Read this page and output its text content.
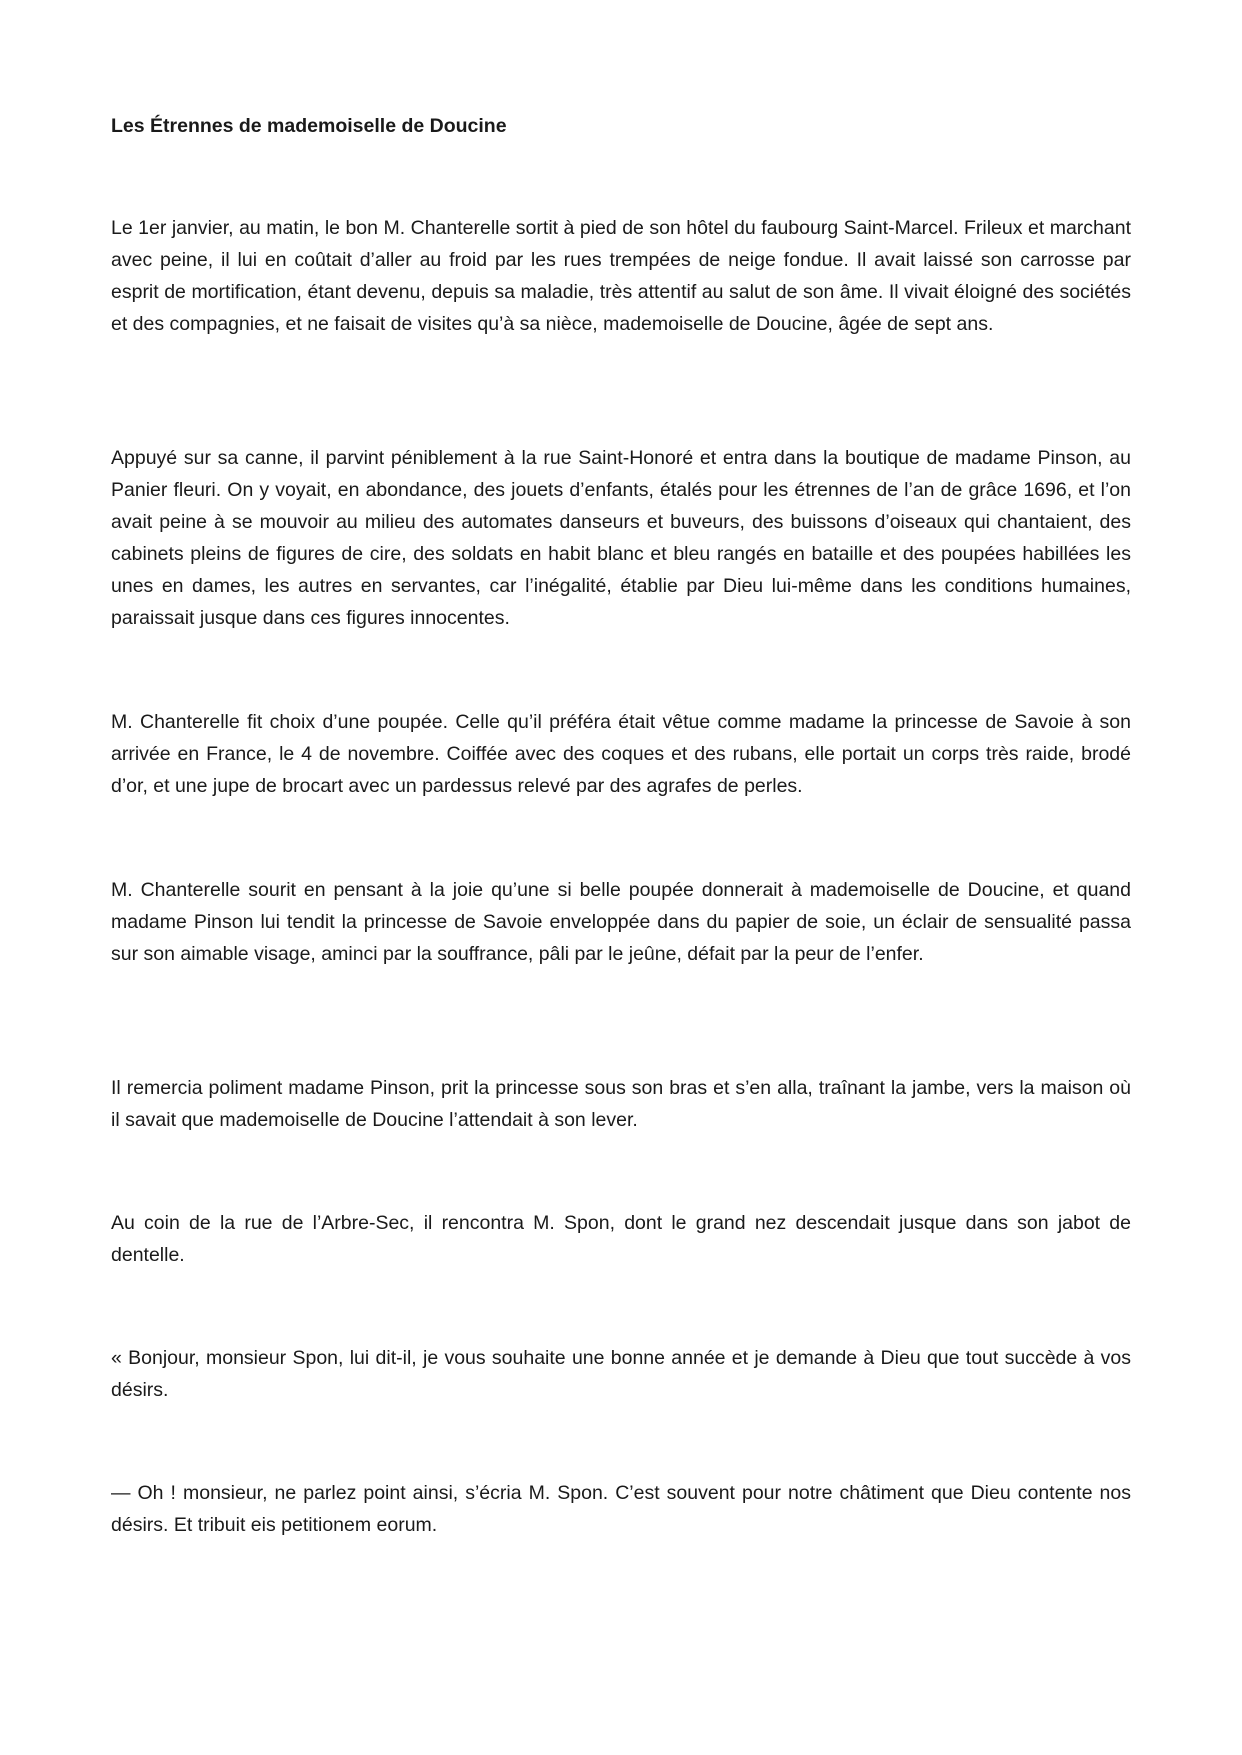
Les Étrennes de mademoiselle de Doucine

Le 1er janvier, au matin, le bon M. Chanterelle sortit à pied de son hôtel du faubourg Saint-Marcel. Frileux et marchant avec peine, il lui en coûtait d’aller au froid par les rues trempées de neige fondue. Il avait laissé son carrosse par esprit de mortification, étant devenu, depuis sa maladie, très attentif au salut de son âme. Il vivait éloigné des sociétés et des compagnies, et ne faisait de visites qu’à sa nièce, mademoiselle de Doucine, âgée de sept ans.

Appuyé sur sa canne, il parvint péniblement à la rue Saint-Honoré et entra dans la boutique de madame Pinson, au Panier fleuri. On y voyait, en abondance, des jouets d’enfants, étalés pour les étrennes de l’an de grâce 1696, et l’on avait peine à se mouvoir au milieu des automates danseurs et buveurs, des buissons d’oiseaux qui chantaient, des cabinets pleins de figures de cire, des soldats en habit blanc et bleu rangés en bataille et des poupées habillées les unes en dames, les autres en servantes, car l’inégalité, établie par Dieu lui-même dans les conditions humaines, paraissait jusque dans ces figures innocentes.

M. Chanterelle fit choix d’une poupée. Celle qu’il préféra était vêtue comme madame la princesse de Savoie à son arrivée en France, le 4 de novembre. Coiffée avec des coques et des rubans, elle portait un corps très raide, brodé d’or, et une jupe de brocart avec un pardessus relevé par des agrafes de perles.

M. Chanterelle sourit en pensant à la joie qu’une si belle poupée donnerait à mademoiselle de Doucine, et quand madame Pinson lui tendit la princesse de Savoie enveloppée dans du papier de soie, un éclair de sensualité passa sur son aimable visage, aminci par la souffrance, pâli par le jeûne, défait par la peur de l’enfer.

Il remercia poliment madame Pinson, prit la princesse sous son bras et s’en alla, traînant la jambe, vers la maison où il savait que mademoiselle de Doucine l’attendait à son lever.

Au coin de la rue de l’Arbre-Sec, il rencontra M. Spon, dont le grand nez descendait jusque dans son jabot de dentelle.

« Bonjour, monsieur Spon, lui dit-il, je vous souhaite une bonne année et je demande à Dieu que tout succède à vos désirs.

— Oh ! monsieur, ne parlez point ainsi, s’écria M. Spon. C’est souvent pour notre châtiment que Dieu contente nos désirs. Et tribuit eis petitionem eorum.
